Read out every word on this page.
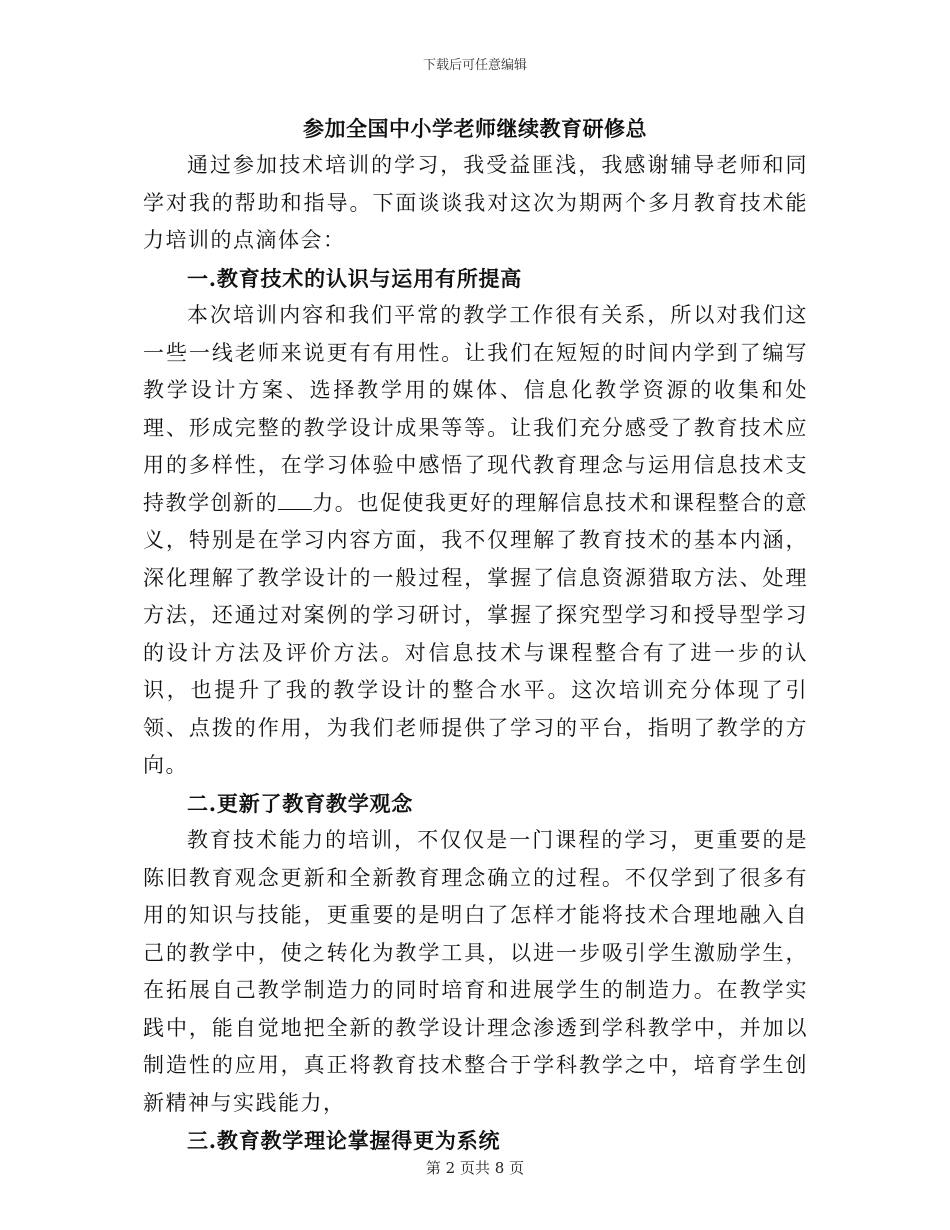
下载后可任意编辑
参加全国中小学老师继续教育研修总

通过参加技术培训的学习，我受益匪浅，我感谢辅导老师和同学对我的帮助和指导。下面谈谈我对这次为期两个多月教育技术能力培训的点滴体会：

一.教育技术的认识与运用有所提高

本次培训内容和我们平常的教学工作很有关系，所以对我们这一些一线老师来说更有有用性。让我们在短短的时间内学到了编写教学设计方案、选择教学用的媒体、信息化教学资源的收集和处理、形成完整的教学设计成果等等。让我们充分感受了教育技术应用的多样性，在学习体验中感悟了现代教育理念与运用信息技术支持教学创新的 力。也促使我更好的理解信息技术和课程整合的意义，特别是在学习内容方面，我不仅理解了教育技术的基本内涵，深化理解了教学设计的一般过程，掌握了信息资源猎取方法、处理方法，还通过对案例的学习研讨，掌握了探究型学习和授导型学习的设计方法及评价方法。对信息技术与课程整合有了进一步的认识，也提升了我的教学设计的整合水平。这次培训充分体现了引领、点拨的作用，为我们老师提供了学习的平台，指明了教学的方向。

二.更新了教育教学观念

教育技术能力的培训，不仅仅是一门课程的学习，更重要的是陈旧教育观念更新和全新教育理念确立的过程。不仅学到了很多有用的知识与技能，更重要的是明白了怎样才能将技术合理地融入自己的教学中，使之转化为教学工具，以进一步吸引学生激励学生，在拓展自己教学制造力的同时培育和进展学生的制造力。在教学实践中，能自觉地把全新的教学设计理念渗透到学科教学中，并加以制造性的应用，真正将教育技术整合于学科教学之中，培育学生创新精神与实践能力，

三.教育教学理论掌握得更为系统

第 2 页共 8 页
